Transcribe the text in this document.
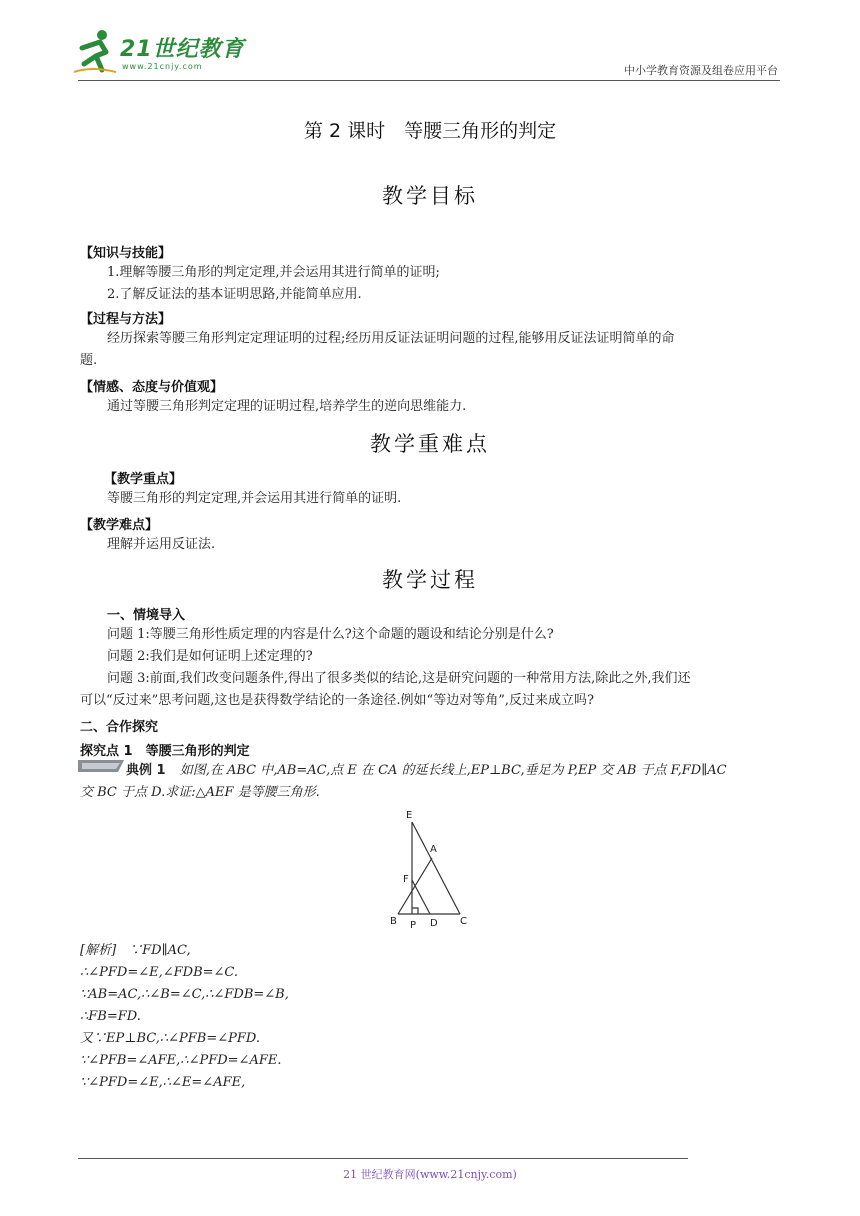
21世纪教育
www.21cnjy.com	中小学教育资源及组卷应用平台
第 2 课时　等腰三角形的判定
教学目标
【知识与技能】
1.理解等腰三角形的判定定理,并会运用其进行简单的证明;
2.了解反证法的基本证明思路,并能简单应用.
【过程与方法】
经历探索等腰三角形判定定理证明的过程;经历用反证法证明问题的过程,能够用反证法证明简单的命
题.
【情感、态度与价值观】
通过等腰三角形判定定理的证明过程,培养学生的逆向思维能力.
教学重难点
【教学重点】
等腰三角形的判定定理,并会运用其进行简单的证明.
【教学难点】
理解并运用反证法.
教学过程
一、情境导入
问题 1:等腰三角形性质定理的内容是什么?这个命题的题设和结论分别是什么?
问题 2:我们是如何证明上述定理的?
问题 3:前面,我们改变问题条件,得出了很多类似的结论,这是研究问题的一种常用方法,除此之外,我们还
可以“反过来”思考问题,这也是获得数学结论的一条途径.例如“等边对等角”,反过来成立吗?
二、合作探究
探究点 1　等腰三角形的判定
典例 1 如图,在 ABC 中,AB=AC,点 E 在 CA 的延长线上,EP⊥BC,垂足为 P,EP 交 AB 于点 F,FD∥AC
交 BC 于点 D.求证:△AEF 是等腰三角形.
E
A
F
B P D C
[解析]　∵FD∥AC,
∴∠PFD=∠E,∠FDB=∠C.
∵AB=AC,∴∠B=∠C,∴∠FDB=∠B,
∴FB=FD.
又∵EP⊥BC,∴∠PFB=∠PFD.
∵∠PFB=∠AFE,∴∠PFD=∠AFE.
∵∠PFD=∠E,∴∠E=∠AFE,
21 世纪教育网(www.21cnjy.com)
